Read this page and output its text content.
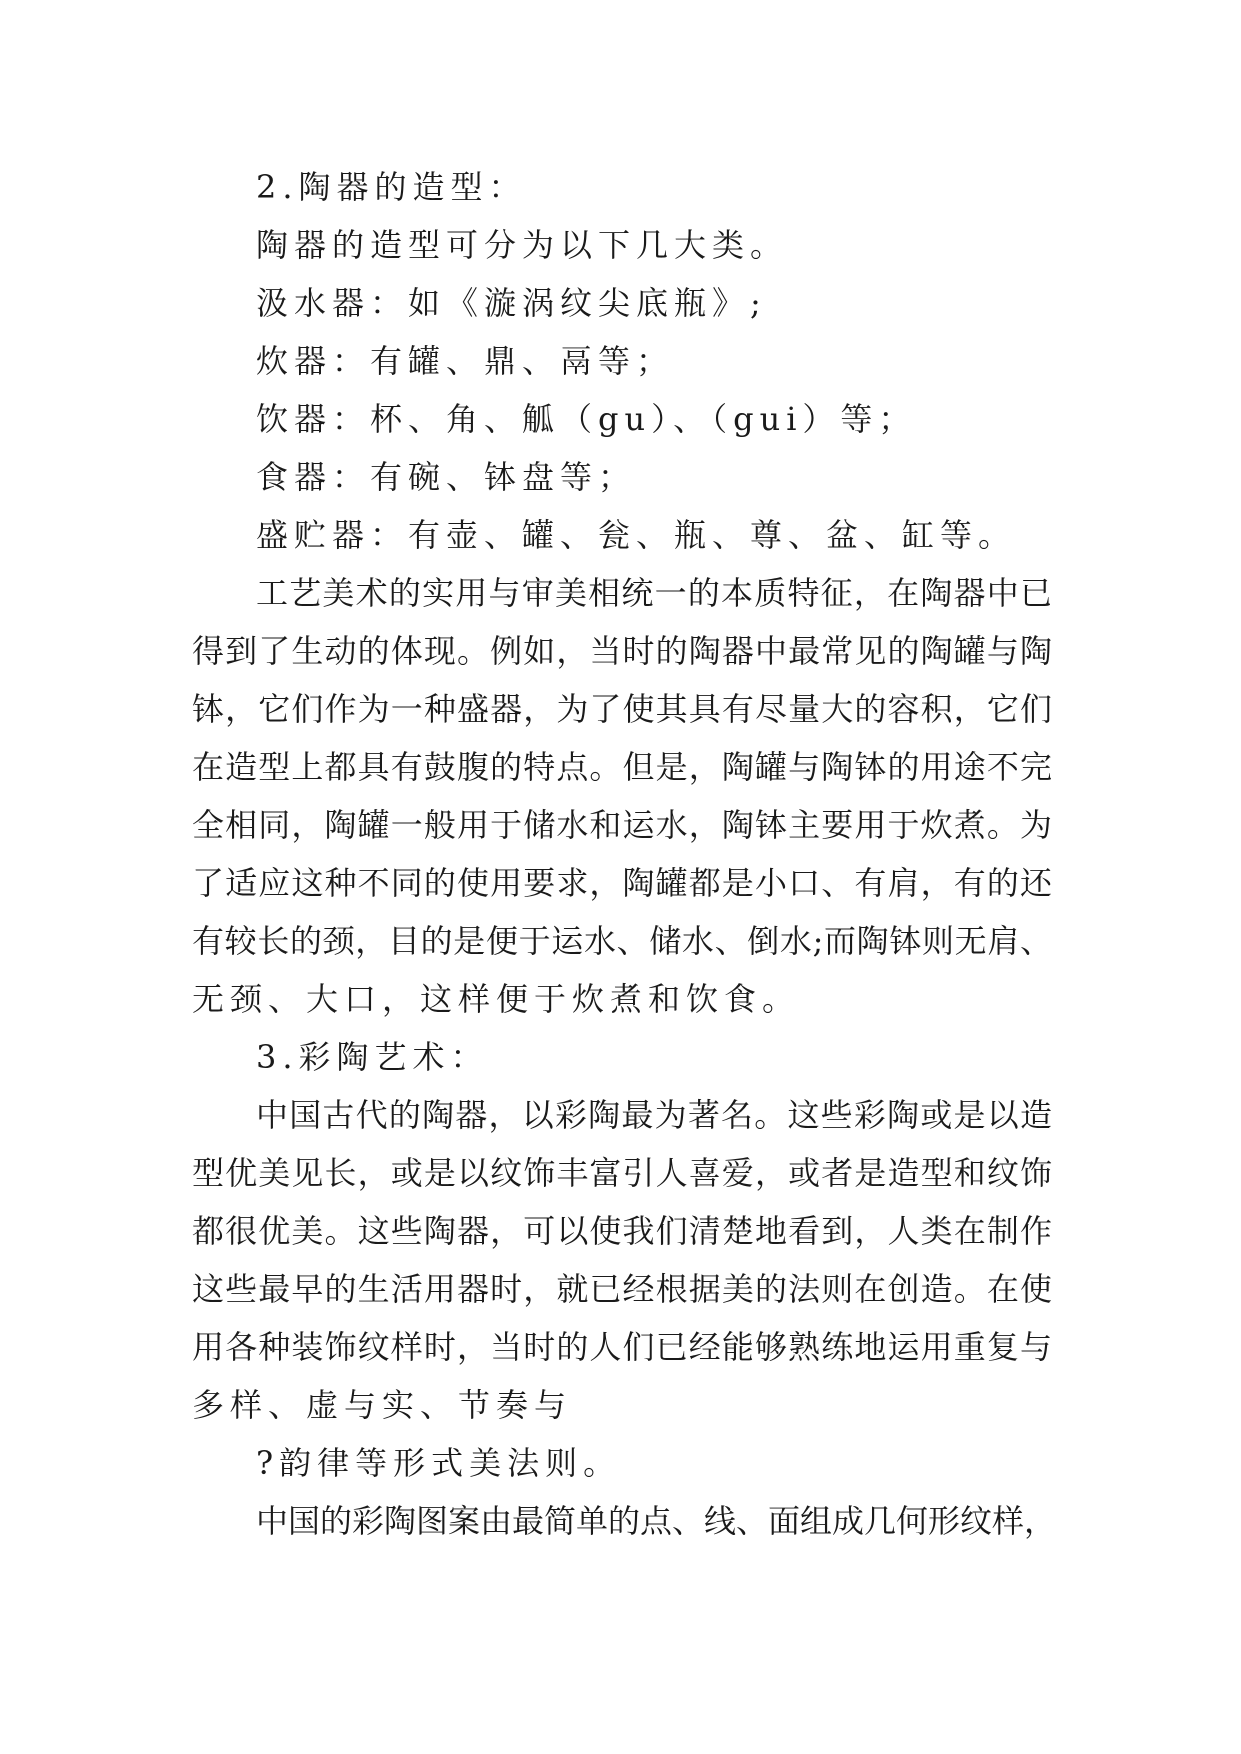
2.陶器的造型：
陶器的造型可分为以下几大类。
汲水器：如《漩涡纹尖底瓶》;
炊器：有罐、鼎、鬲等；
饮器：杯、角、觚（gu）、（gui）等；
食器：有碗、钵盘等；
盛贮器：有壶、罐、瓮、瓶、尊、盆、缸等。
工艺美术的实用与审美相统一的本质特征，在陶器中已
得到了生动的体现。例如，当时的陶器中最常见的陶罐与陶
钵，它们作为一种盛器，为了使其具有尽量大的容积，它们
在造型上都具有鼓腹的特点。但是，陶罐与陶钵的用途不完
全相同，陶罐一般用于储水和运水，陶钵主要用于炊煮。为
了适应这种不同的使用要求，陶罐都是小口、有肩，有的还
有较长的颈，目的是便于运水、储水、倒水;而陶钵则无肩、
无颈、大口，这样便于炊煮和饮食。
3.彩陶艺术：
中国古代的陶器，以彩陶最为著名。这些彩陶或是以造
型优美见长，或是以纹饰丰富引人喜爱，或者是造型和纹饰
都很优美。这些陶器，可以使我们清楚地看到，人类在制作
这些最早的生活用器时，就已经根据美的法则在创造。在使
用各种装饰纹样时，当时的人们已经能够熟练地运用重复与
多样、虚与实、节奏与
?韵律等形式美法则。
中国的彩陶图案由最简单的点、线、面组成几何形纹样，
